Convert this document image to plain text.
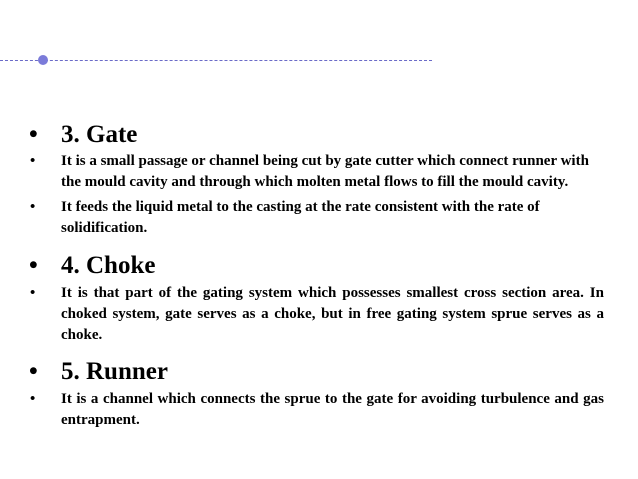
• 3. Gate
• It is a small passage or channel being cut by gate cutter which connect runner with the mould cavity and through which molten metal flows to fill the mould cavity.
• It feeds the liquid metal to the casting at the rate consistent with the rate of solidification.
• 4. Choke
• It is that part of the gating system which possesses smallest cross section area. In choked system, gate serves as a choke, but in free gating system sprue serves as a choke.
• 5. Runner
• It is a channel which connects the sprue to the gate for avoiding turbulence and gas entrapment.
